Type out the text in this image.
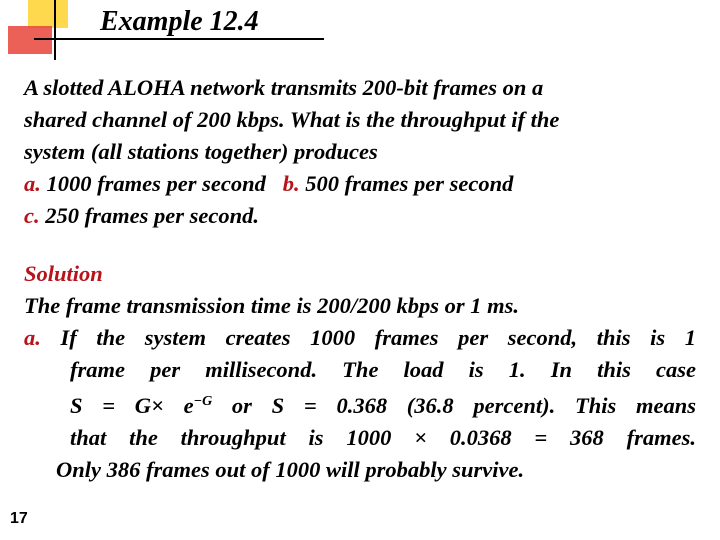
Example 12.4
A slotted ALOHA network transmits 200-bit frames on a
shared channel of 200 kbps. What is the throughput if the
system (all stations together) produces
a. 1000 frames per second b. 500 frames per second
c. 250 frames per second.
Solution
The frame transmission time is 200/200 kbps or 1 ms.
a. If the system creates 1000 frames per second, this is 1
frame per millisecond. The load is 1. In this case
$S = G\times e^{-G}$ or S = 0.368 (36.8 percent). This means
that the throughput is 1000 × 0.0368 = 368 frames.
Only 386 frames out of 1000 will probably survive.
17
